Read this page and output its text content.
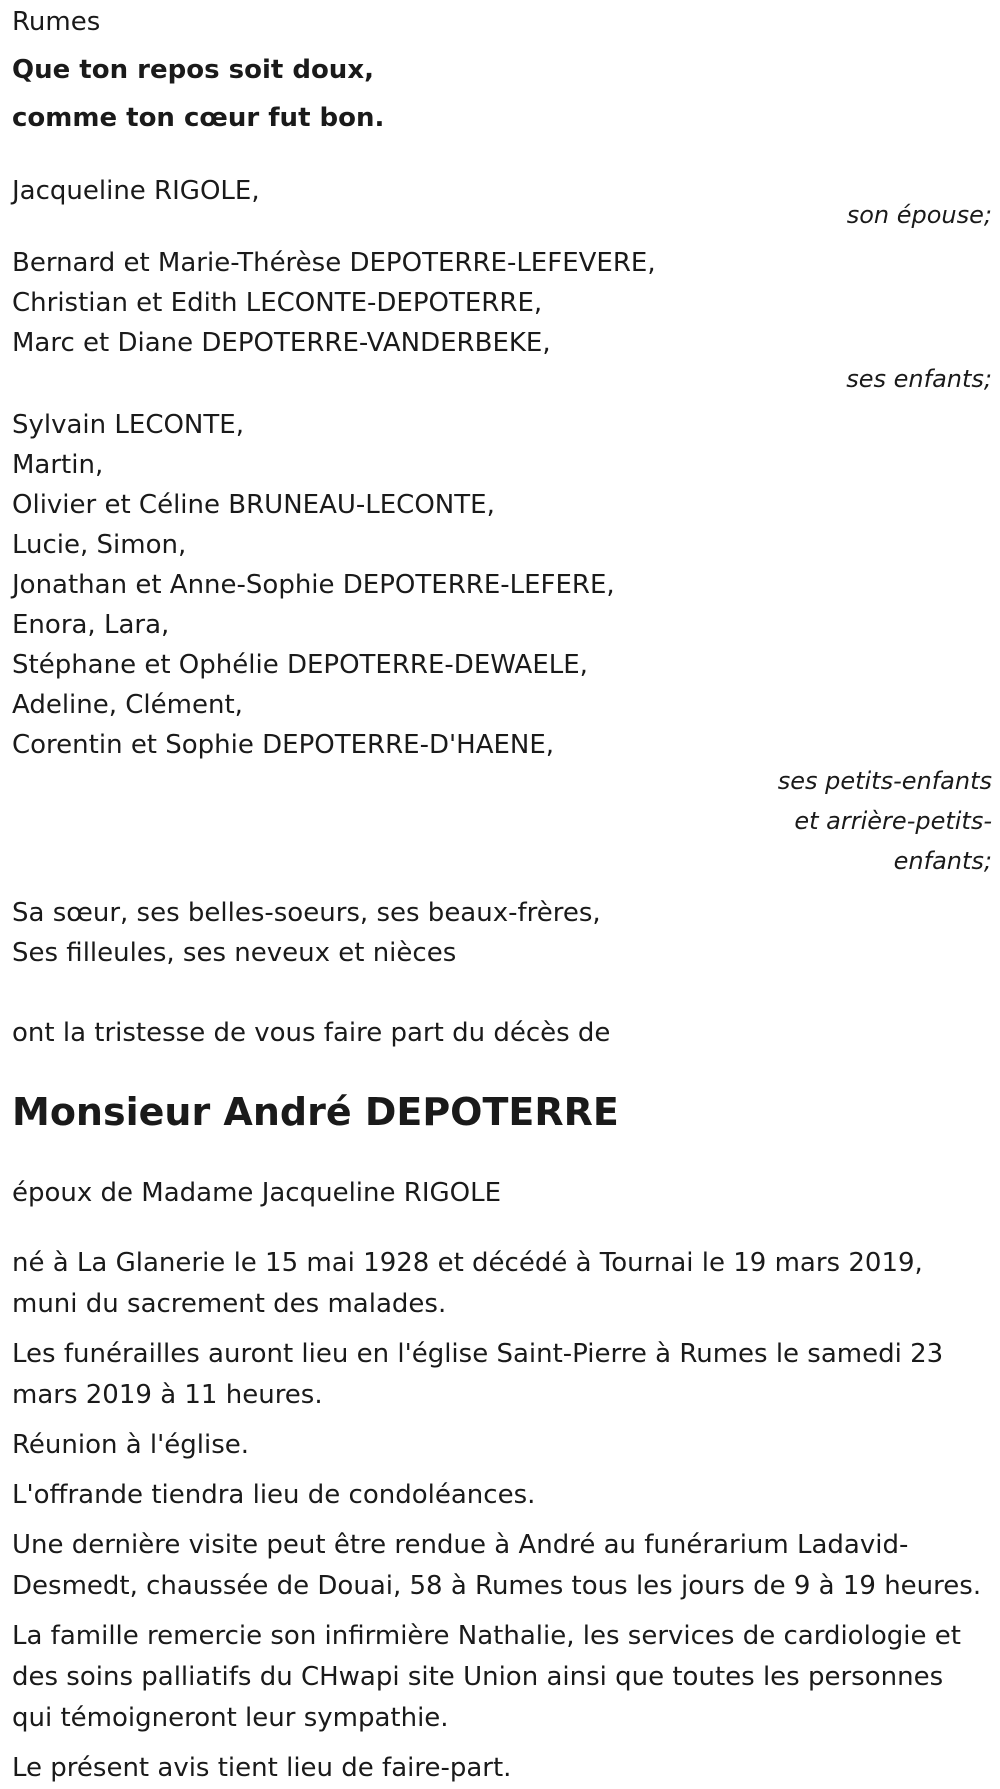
Rumes
Que ton repos soit doux,
comme ton cœur fut bon.
Jacqueline RIGOLE,
son épouse;
Bernard et Marie-Thérèse DEPOTERRE-LEFEVERE,
Christian et Edith LECONTE-DEPOTERRE,
Marc et Diane DEPOTERRE-VANDERBEKE,
ses enfants;
Sylvain LECONTE,
Martin,
Olivier et Céline BRUNEAU-LECONTE,
Lucie, Simon,
Jonathan et Anne-Sophie DEPOTERRE-LEFERE,
Enora, Lara,
Stéphane et Ophélie DEPOTERRE-DEWAELE,
Adeline, Clément,
Corentin et Sophie DEPOTERRE-D'HAENE,
ses petits-enfants
et arrière-petits-
enfants;
Sa sœur, ses belles-soeurs, ses beaux-frères,
Ses filleules, ses neveux et nièces
ont la tristesse de vous faire part du décès de
Monsieur André DEPOTERRE
époux de Madame Jacqueline RIGOLE
né à La Glanerie le 15 mai 1928 et décédé à Tournai le 19 mars 2019, muni du sacrement des malades.
Les funérailles auront lieu en l'église Saint-Pierre à Rumes le samedi 23 mars 2019 à 11 heures.
Réunion à l'église.
L'offrande tiendra lieu de condoléances.
Une dernière visite peut être rendue à André au funérarium Ladavid-Desmedt, chaussée de Douai, 58 à Rumes tous les jours de 9 à 19 heures.
La famille remercie son infirmière Nathalie, les services de cardiologie et des soins palliatifs du CHwapi site Union ainsi que toutes les personnes qui témoigneront leur sympathie.
Le présent avis tient lieu de faire-part.
